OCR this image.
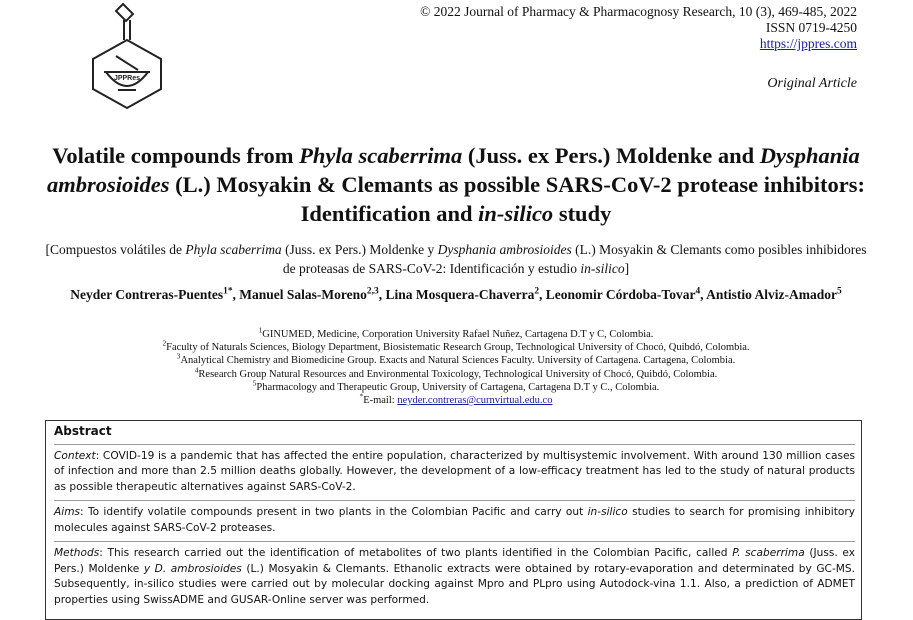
JPPRes
© 2022 Journal of Pharmacy & Pharmacognosy Research, 10 (3), 469-485, 2022
ISSN 0719-4250
https://jppres.com
Original Article
Volatile compounds from Phyla scaberrima (Juss. ex Pers.) Moldenke and Dysphania ambrosioides (L.) Mosyakin & Clemants as possible SARS-CoV-2 protease inhibitors: Identification and in-silico study
[Compuestos volátiles de Phyla scaberrima (Juss. ex Pers.) Moldenke y Dysphania ambrosioides (L.) Mosyakin & Clemants como posibles inhibidores de proteasas de SARS-CoV-2: Identificación y estudio in-silico]
Neyder Contreras-Puentes$^{1*}$, Manuel Salas-Moreno$^{2,3}$, Lina Mosquera-Chaverra$^2$, Leonomir Córdoba-Tovar$^4$, Antistio Alviz-Amador$^5$
$^1$GINUMED, Medicine, Corporation University Rafael Nuñez, Cartagena D.T y C, Colombia.
$^2$Faculty of Naturals Sciences, Biology Department, Biosistematic Research Group, Technological University of Chocó, Quibdó, Colombia.
$^3$Analytical Chemistry and Biomedicine Group. Exacts and Natural Sciences Faculty. University of Cartagena. Cartagena, Colombia.
$^4$Research Group Natural Resources and Environmental Toxicology, Technological University of Chocó, Quibdó, Colombia.
$^5$Pharmacology and Therapeutic Group, University of Cartagena, Cartagena D.T y C., Colombia.
*E-mail: neyder.contreras@curnvirtual.edu.co
Abstract

Context: COVID-19 is a pandemic that has affected the entire population, characterized by multisystemic involvement. With around 130 million cases of infection and more than 2.5 million deaths globally. However, the development of a low-efficacy treatment has led to the study of natural products as possible therapeutic alternatives against SARS-CoV-2.

Aims: To identify volatile compounds present in two plants in the Colombian Pacific and carry out in-silico studies to search for promising inhibitory molecules against SARS-CoV-2 proteases.

Methods: This research carried out the identification of metabolites of two plants identified in the Colombian Pacific, called P. scaberrima (Juss. ex Pers.) Moldenke y D. ambrosioides (L.) Mosyakin & Clemants. Ethanolic extracts were obtained by rotary-evaporation and determinated by GC-MS. Subsequently, in-silico studies were carried out by molecular docking against Mpro and PLpro using Autodock-vina 1.1. Also, a prediction of ADMET properties using SwissADME and GUSAR-Online server was performed.
